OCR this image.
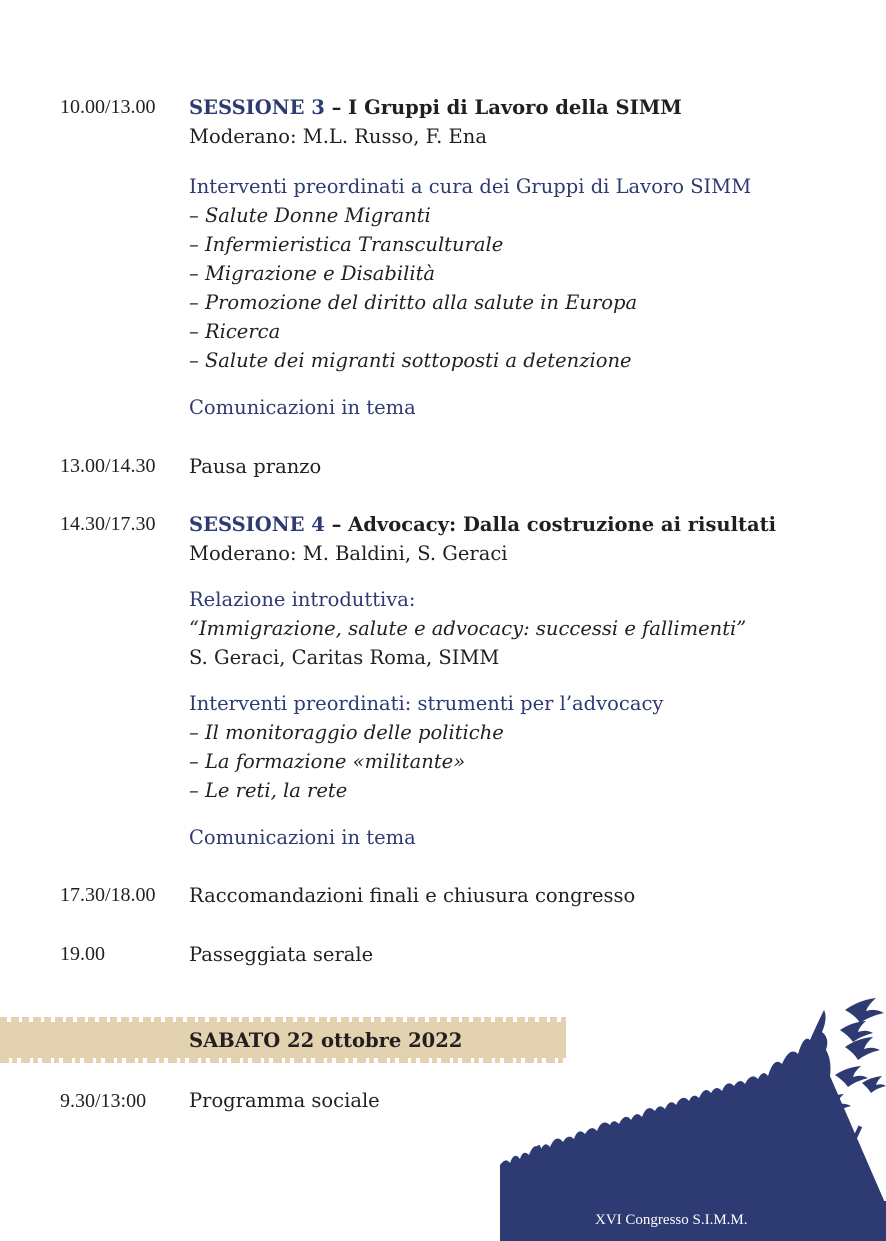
10.00/13.00 SESSIONE 3 – I Gruppi di Lavoro della SIMM
Moderano: M.L. Russo, F. Ena
Interventi preordinati a cura dei Gruppi di Lavoro SIMM
– Salute Donne Migranti
– Infermieristica Transculturale
– Migrazione e Disabilità
– Promozione del diritto alla salute in Europa
– Ricerca
– Salute dei migranti sottoposti a detenzione
Comunicazioni in tema
13.00/14.30 Pausa pranzo
14.30/17.30 SESSIONE 4 – Advocacy: Dalla costruzione ai risultati
Moderano: M. Baldini, S. Geraci
Relazione introduttiva:
“Immigrazione, salute e advocacy: successi e fallimenti”
S. Geraci, Caritas Roma, SIMM
Interventi preordinati: strumenti per l’advocacy
– Il monitoraggio delle politiche
– La formazione «militante»
– Le reti, la rete
Comunicazioni in tema
17.30/18.00 Raccomandazioni finali e chiusura congresso
19.00	Passeggiata serale
SABATO 22 ottobre 2022
9.30/13:00 Programma sociale
XVI Congresso S.I.M.M.
